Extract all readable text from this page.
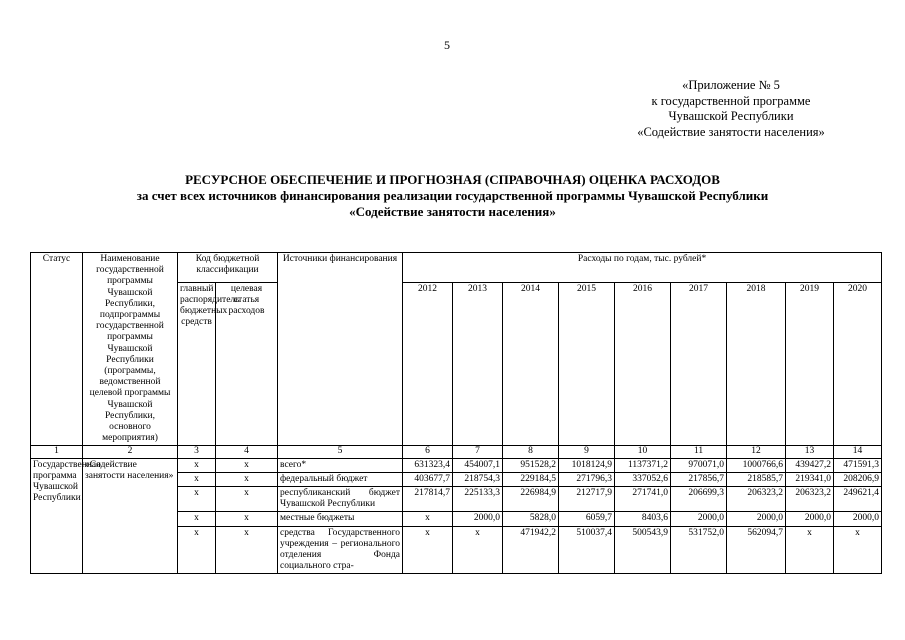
5
«Приложение № 5
к государственной программе
Чувашской Республики
«Содействие занятости населения»
РЕСУРСНОЕ ОБЕСПЕЧЕНИЕ И ПРОГНОЗНАЯ (СПРАВОЧНАЯ) ОЦЕНКА РАСХОДОВ
за счет всех источников финансирования реализации государственной программы Чувашской Республики
«Содействие занятости населения»
Статус	Наименование государственной программы Чувашской Республики, подпрограммы государственной программы Чувашской Республики (программы, ведомственной целевой программы Чувашской Республики, основного мероприятия)	Код бюджетной классификации		Источники финансирования	Расходы по годам, тыс. рублей*								
		главный распорядитель бюджетных средств	целевая статья расходов		2012	2013	2014	2015	2016	2017	2018	2019	2020
1	2	3	4	5	6	7	8	9	10	11	12	13	14
Государственная программа Чувашской Республики	«Содействие занятости населения»	х	х	всего*	631323,4	454007,1	951528,2	1018124,9	1137371,2	970071,0	1000766,6	439427,2	471591,3
		х	х	федеральный бюджет	403677,7	218754,3	229184,5	271796,3	337052,6	217856,7	218585,7	219341,0	208206,9
		х	х	республиканский бюджет Чувашской Республики	217814,7	225133,3	226984,9	212717,9	271741,0	206699,3	206323,2	206323,2	249621,4
		х	х	местные бюджеты	х	2000,0	5828,0	6059,7	8403,6	2000,0	2000,0	2000,0	2000,0
		х	х	средства Государственного учреждения – регионального отделения Фонда социального стра-	х	х	471942,2	510037,4	500543,9	531752,0	562094,7	х	х
